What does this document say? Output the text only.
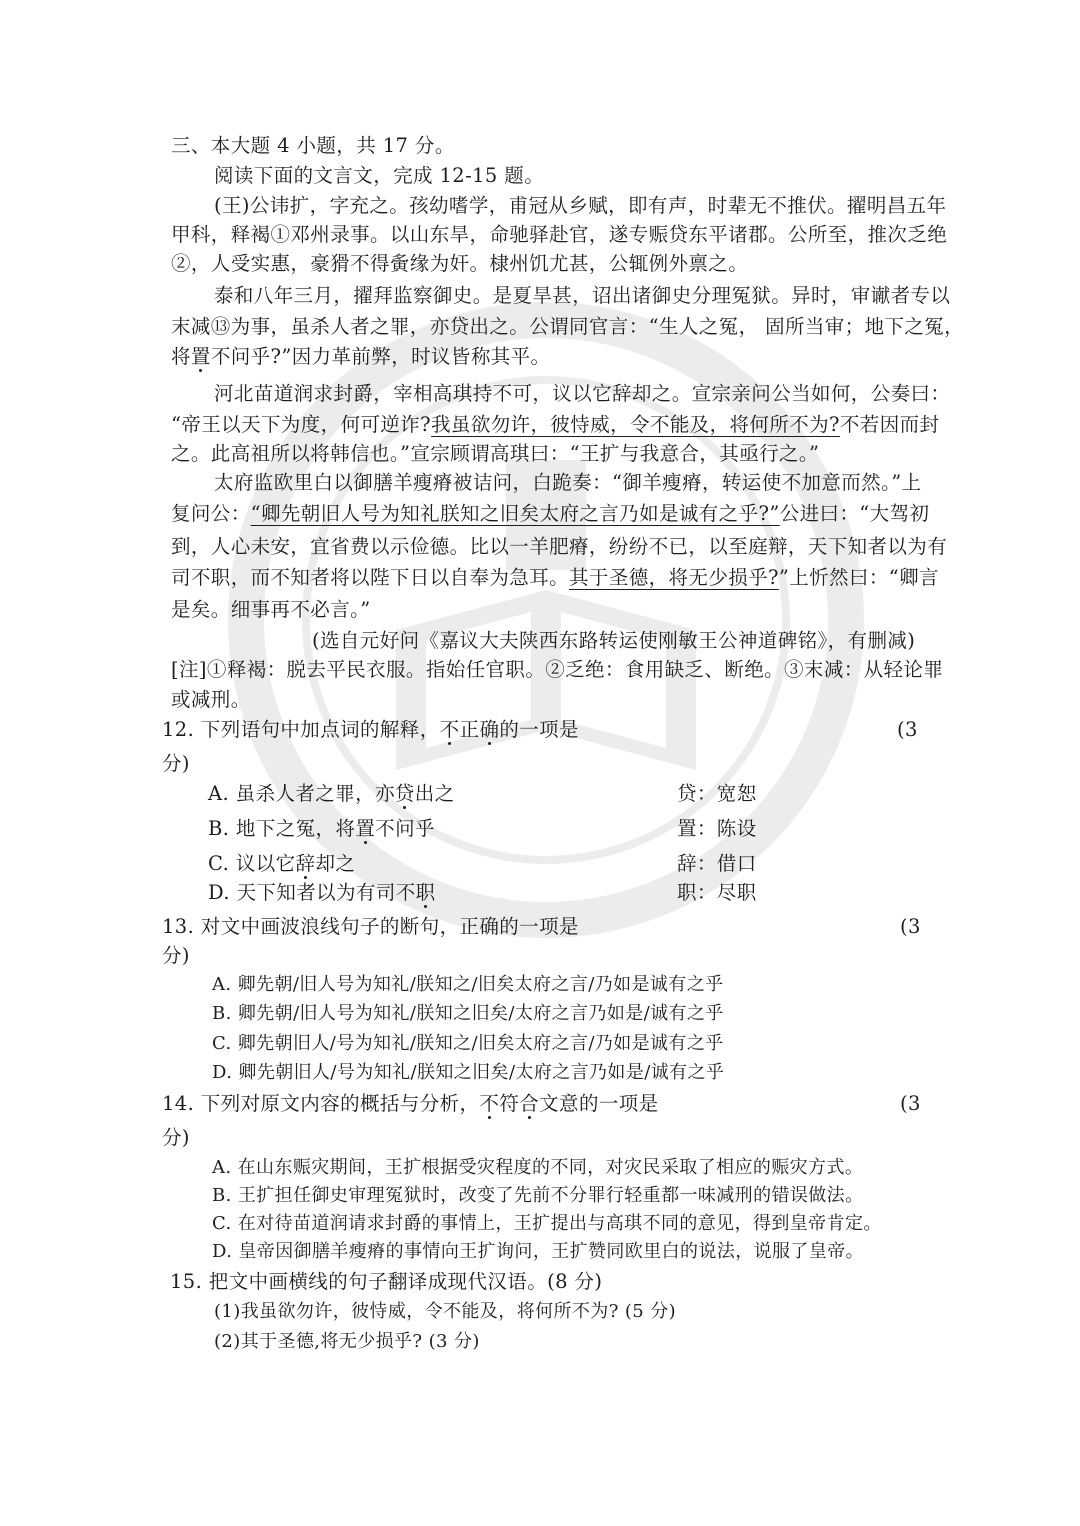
三、本大题 4 小题，共 17 分。
阅读下面的文言文，完成 12-15 题。
(王)公讳扩，字充之。孩幼嗜学，甫冠从乡赋，即有声，时辈无不推伏。擢明昌五年
甲科，释褐①邓州录事。以山东旱，命驰驿赴官，遂专赈贷东平诸郡。公所至，推次乏绝
②，人受实惠，豪猾不得夤缘为奸。棣州饥尤甚，公辄例外禀之。
泰和八年三月，擢拜监察御史。是夏旱甚，诏出诸御史分理冤狱。异时，审谳者专以
末减⑬为事，虽杀人者之罪，亦贷出之。公谓同官言：“生人之冤， 固所当审；地下之冤，
将置不问乎?”因力革前弊，时议皆称其平。
河北苗道润求封爵，宰相高琪持不可，议以它辞却之。宣宗亲问公当如何，公奏曰：
“帝王以天下为度，何可逆诈?我虽欲勿许，彼恃威，令不能及，将何所不为?不若因而封
之。此高祖所以将韩信也。”宣宗顾谓高琪曰：“王扩与我意合，其亟行之。”
太府监欧里白以御膳羊瘦瘠被诘问，白跪奏：“御羊瘦瘠，转运使不加意而然。”上
复问公：“卿先朝旧人号为知礼朕知之旧矣太府之言乃如是诚有之乎?”公进曰：“大驾初
到，人心未安，宜省费以示俭德。比以一羊肥瘠，纷纷不已，以至庭辩，天下知者以为有
司不职，而不知者将以陛下日以自奉为急耳。其于圣德，将无少损乎?”上忻然曰：“卿言
是矣。细事再不必言。”
(选自元好问《嘉议大夫陕西东路转运使刚敏王公神道碑铭》，有删减)
[注]①释褐：脱去平民衣服。指始任官职。②乏绝：食用缺乏、断绝。③末减：从轻论罪
或减刑。
12. 下列语句中加点词的解释，不正确的一项是	(3
分)
A. 虽杀人者之罪，亦贷出之	贷：宽恕
B. 地下之冤，将置不问乎	置：陈设
C. 议以它辞却之	辞：借口
D. 天下知者以为有司不职	职：尽职
13. 对文中画波浪线句子的断句，正确的一项是	(3
分)
A. 卿先朝/旧人号为知礼/朕知之/旧矣太府之言/乃如是诚有之乎
B. 卿先朝/旧人号为知礼/朕知之旧矣/太府之言乃如是/诚有之乎
C. 卿先朝旧人/号为知礼/朕知之/旧矣太府之言/乃如是诚有之乎
D. 卿先朝旧人/号为知礼/朕知之旧矣/太府之言乃如是/诚有之乎
14. 下列对原文内容的概括与分析，不符合文意的一项是	(3
分)
A. 在山东赈灾期间，王扩根据受灾程度的不同，对灾民采取了相应的赈灾方式。
B. 王扩担任御史审理冤狱时，改变了先前不分罪行轻重都一味减刑的错误做法。
C. 在对待苗道润请求封爵的事情上，王扩提出与高琪不同的意见，得到皇帝肯定。
D. 皇帝因御膳羊瘦瘠的事情向王扩询问，王扩赞同欧里白的说法，说服了皇帝。
15. 把文中画横线的句子翻译成现代汉语。(8 分)
(1)我虽欲勿许，彼恃威，令不能及，将何所不为? (5 分)
(2)其于圣德,将无少损乎? (3 分)
